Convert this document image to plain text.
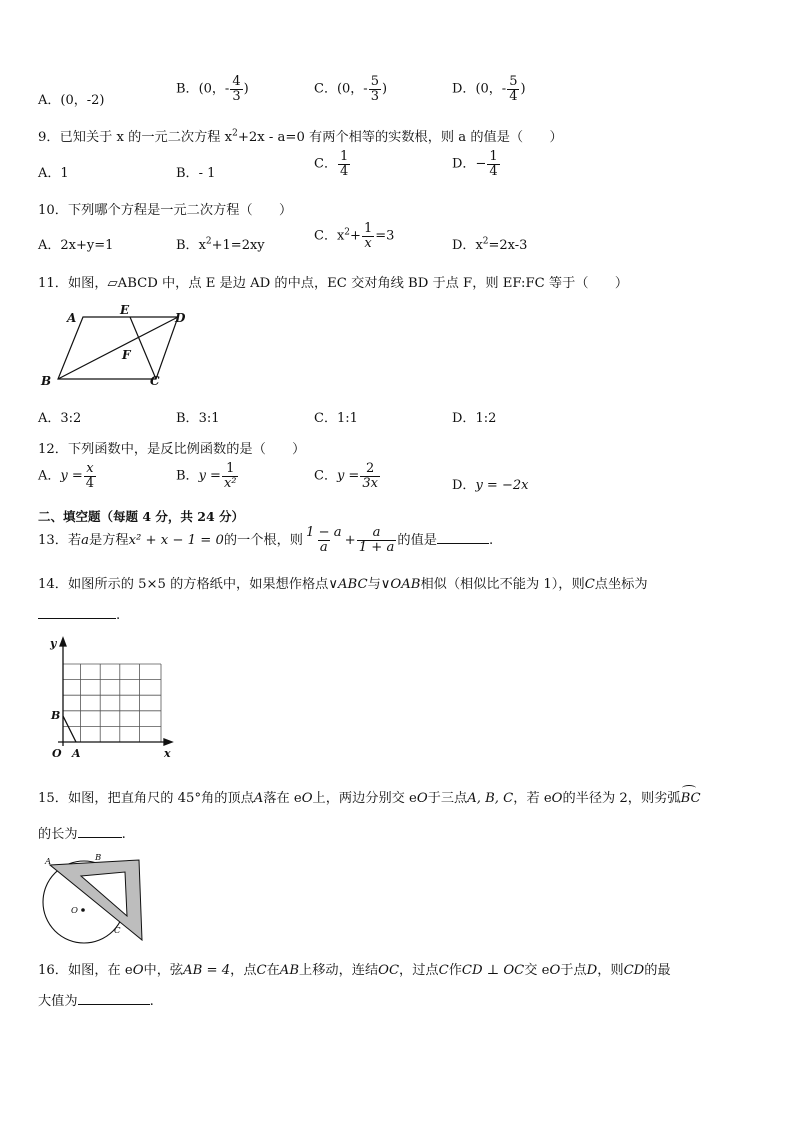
A．(0，-2)
B．(0，- $\frac{4}{3}$ )	C．(0，- $\frac{5}{3}$ )	D．(0，- $\frac{5}{4}$ )
9．已知关于 x 的一元二次方程 $x^2+2x - a=0$ 有两个相等的实数根，则 a 的值是（　　）
A．1	B．- 1
C． $\frac{1}{4}$	D．− $\frac{1}{4}$
10．下列哪个方程是一元二次方程（　　）
A．2x+y=1	B．$x^2+1=2xy$
C．$x^2+ \frac{1}{x} =3$
D．$x^2=2x-3$
11．如图，▱ABCD 中，点 E 是边 AD 的中点，EC 交对角线 BD 于点 F，则 EF:FC 等于（　　）
A
E
D
F
B	C
A．3:2	B．3:1	C．1:1	D．1:2
12．下列函数中，是反比例函数的是（　　）
A．$y = \frac{x}{4}$	B．$y = \frac{1}{\text{x²}}$	C．$y = \frac{2}{3x}$	D．y = −2x
二、填空题（每题 4 分，共 24 分）
13．若a是方程x² + x − 1 = 0的一个根，则 $\frac{1 - a}{a} + \frac{a}{1 + a}$ 的值是	.
14．如图所示的 5×5 的方格纸中，如果想作格点∨ABC与∨OAB相似（相似比不能为 1），则C点坐标为
.
y
B
O A	x
15．如图，把直角尺的 45°角的顶点A落在 eO上，两边分别交 eO于三点A, B, C，若 eO的半径为 2，则劣弧BC
的长为	.
A	B
O
C
16．如图，在 eO中，弦AB = 4，点C在AB上移动，连结OC，过点C作CD ⊥ OC交 eO于点D，则CD的最
大值为	.
